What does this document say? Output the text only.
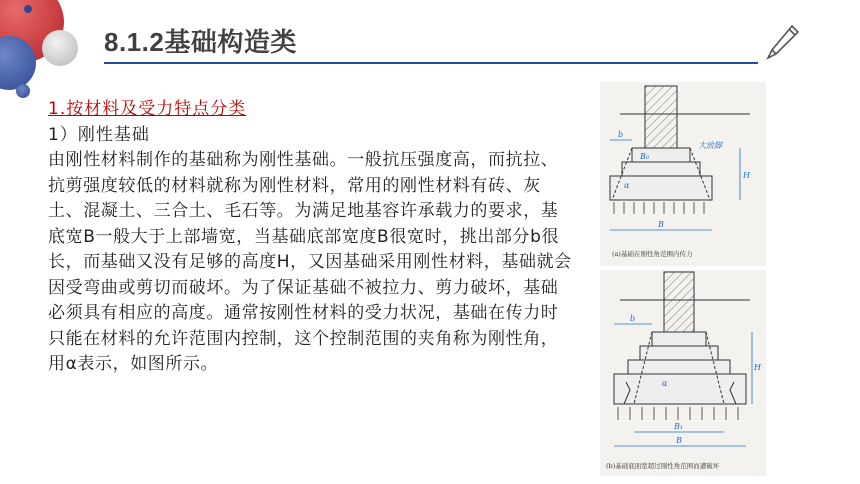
8.1.2基础构造类
1.按材料及受力特点分类
1）刚性基础
由刚性材料制作的基础称为刚性基础。一般抗压强度高，而抗拉、抗剪强度较低的材料就称为刚性材料，常用的刚性材料有砖、灰土、混凝土、三合土、毛石等。为满足地基容许承载力的要求，基底宽B一般大于上部墙宽，当基础底部宽度B很宽时，挑出部分b很长，而基础又没有足够的高度H，又因基础采用刚性材料，基础就会因受弯曲或剪切而破坏。为了保证基础不被拉力、剪力破坏，基础必须具有相应的高度。通常按刚性材料的受力状况，基础在传力时只能在材料的允许范围内控制，这个控制范围的夹角称为刚性角，用α表示，如图所示。
B
b
B₀
α
大放脚
H
(a)基础在刚性角范围内传力
B₁
B
b
α
H
(b)基础底面宽超过刚性角范围而遭破坏
